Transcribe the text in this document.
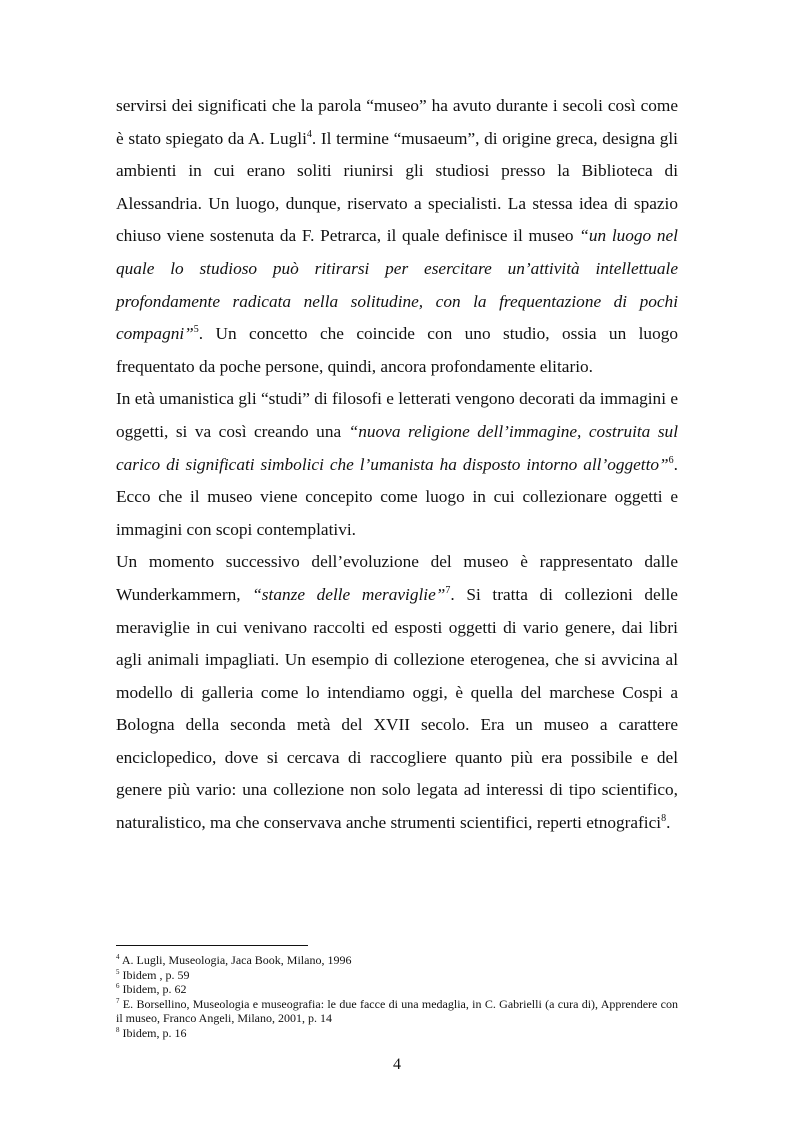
servirsi dei significati che la parola “museo” ha avuto durante i secoli così come è stato spiegato da A. Lugli$^4$. Il termine “musaeum”, di origine greca, designa gli ambienti in cui erano soliti riunirsi gli studiosi presso la Biblioteca di Alessandria. Un luogo, dunque, riservato a specialisti. La stessa idea di spazio chiuso viene sostenuta da F. Petrarca, il quale definisce il museo “un luogo nel quale lo studioso può ritirarsi per esercitare un’attività intellettuale profondamente radicata nella solitudine, con la frequentazione di pochi compagni”$^5$. Un concetto che coincide con uno studio, ossia un luogo frequentato da poche persone, quindi, ancora profondamente elitario.

In età umanistica gli “studi” di filosofi e letterati vengono decorati da immagini e oggetti, si va così creando una “nuova religione dell’immagine, costruita sul carico di significati simbolici che l’umanista ha disposto intorno all’oggetto”$^6$. Ecco che il museo viene concepito come luogo in cui collezionare oggetti e immagini con scopi contemplativi.

Un momento successivo dell’evoluzione del museo è rappresentato dalle Wunderkammern, “stanze delle meraviglie”$^7$. Si tratta di collezioni delle meraviglie in cui venivano raccolti ed esposti oggetti di vario genere, dai libri agli animali impagliati. Un esempio di collezione eterogenea, che si avvicina al modello di galleria come lo intendiamo oggi, è quella del marchese Cospi a Bologna della seconda metà del XVII secolo. Era un museo a carattere enciclopedico, dove si cercava di raccogliere quanto più era possibile e del genere più vario: una collezione non solo legata ad interessi di tipo scientifico, naturalistico, ma che conservava anche strumenti scientifici, reperti etnografici$^8$.

$^4$ A. Lugli, Museologia, Jaca Book, Milano, 1996

$^5$ Ibidem , p. 59

$^6$ Ibidem, p. 62

$^7$ E. Borsellino, Museologia e museografia: le due facce di una medaglia, in C. Gabrielli (a cura di), Apprendere con il museo, Franco Angeli, Milano, 2001, p. 14

$^8$ Ibidem, p. 16

4
